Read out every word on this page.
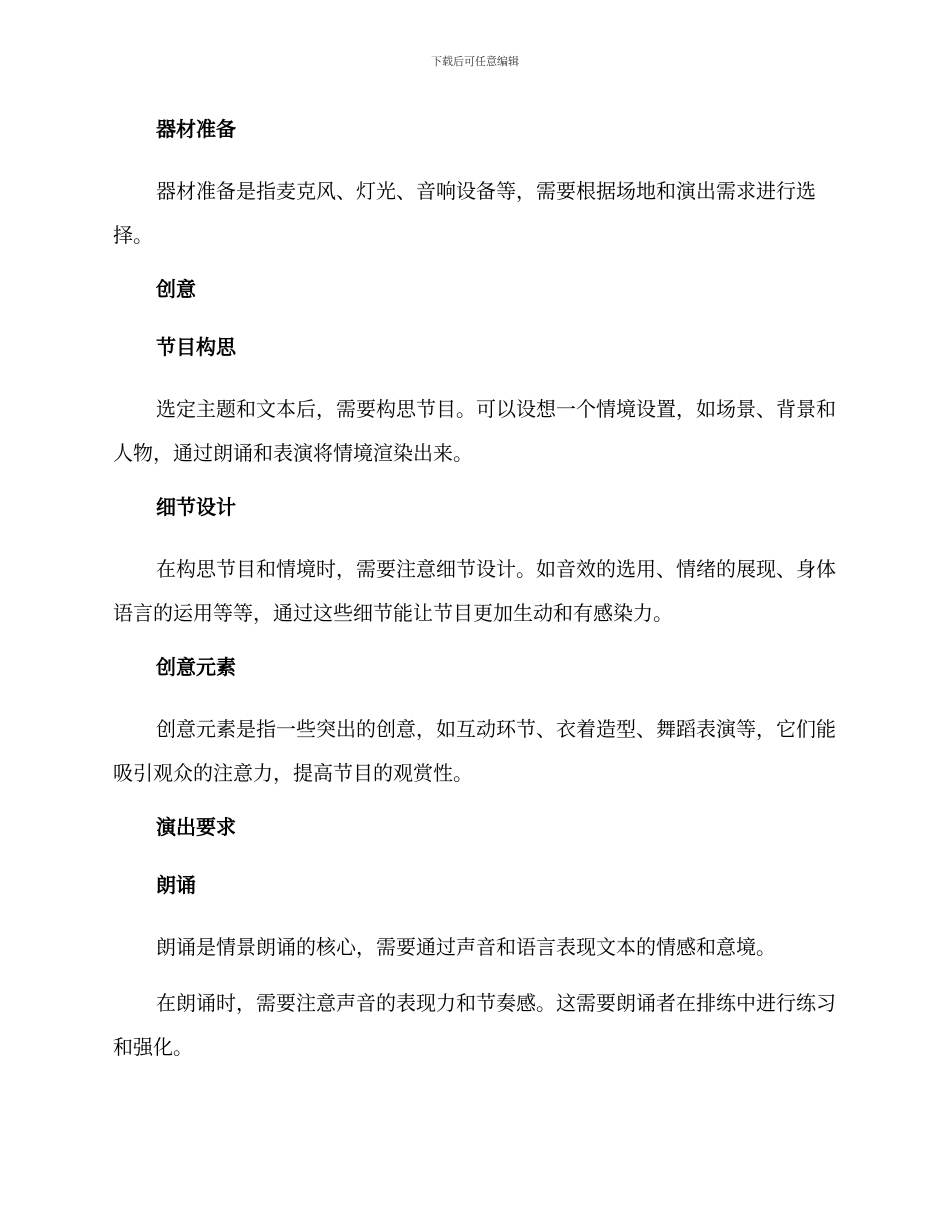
下载后可任意编辑
器材准备

器材准备是指麦克风、灯光、音响设备等，需要根据场地和演出需求进行选择。

创意
节目构思

选定主题和文本后，需要构思节目。可以设想一个情境设置，如场景、背景和人物，通过朗诵和表演将情境渲染出来。

细节设计

在构思节目和情境时，需要注意细节设计。如音效的选用、情绪的展现、身体语言的运用等等，通过这些细节能让节目更加生动和有感染力。

创意元素

创意元素是指一些突出的创意，如互动环节、衣着造型、舞蹈表演等，它们能吸引观众的注意力，提高节目的观赏性。

演出要求
朗诵

朗诵是情景朗诵的核心，需要通过声音和语言表现文本的情感和意境。

在朗诵时，需要注意声音的表现力和节奏感。这需要朗诵者在排练中进行练习和强化。
